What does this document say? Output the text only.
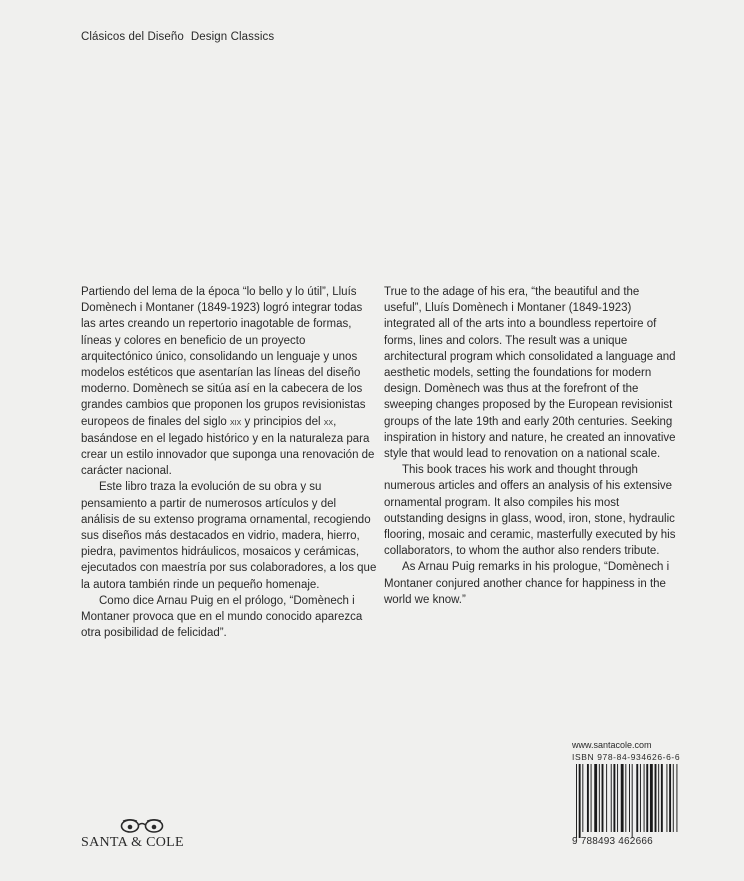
Clásicos del Diseño Design Classics

Partiendo del lema de la época “lo bello y lo útil”, Lluís Domènech i Montaner (1849-1923) logró integrar todas las artes creando un repertorio inagotable de formas, líneas y colores en beneficio de un proyecto arquitectónico único, consolidando un lenguaje y unos modelos estéticos que asentarían las líneas del diseño moderno. Domènech se sitúa así en la cabecera de los grandes cambios que proponen los grupos revisionistas europeos de finales del siglo xix y principios del xx, basándose en el legado histórico y en la naturaleza para crear un estilo innovador que suponga una renovación de carácter nacional.

Este libro traza la evolución de su obra y su pensamiento a partir de numerosos artículos y del análisis de su extenso programa ornamental, recogiendo sus diseños más destacados en vidrio, madera, hierro, piedra, pavimentos hidráulicos, mosaicos y cerámicas, ejecutados con maestría por sus colaboradores, a los que la autora también rinde un pequeño homenaje.

Como dice Arnau Puig en el prólogo, “Domènech i Montaner provoca que en el mundo conocido aparezca otra posibilidad de felicidad”.

True to the adage of his era, “the beautiful and the useful”, Lluís Domènech i Montaner (1849-1923) integrated all of the arts into a boundless repertoire of forms, lines and colors. The result was a unique architectural program which consolidated a language and aesthetic models, setting the foundations for modern design. Domènech was thus at the forefront of the sweeping changes proposed by the European revisionist groups of the late 19th and early 20th centuries. Seeking inspiration in history and nature, he created an innovative style that would lead to renovation on a national scale.

This book traces his work and thought through numerous articles and offers an analysis of his extensive ornamental program. It also compiles his most outstanding designs in glass, wood, iron, stone, hydraulic flooring, mosaic and ceramic, masterfully executed by his collaborators, to whom the author also renders tribute.

As Arnau Puig remarks in his prologue, “Domènech i Montaner conjured another chance for happiness in the world we know.”

SANTA & COLE
www.santacole.com
ISBN 978-84-934626-6-6
9 788493 462666
